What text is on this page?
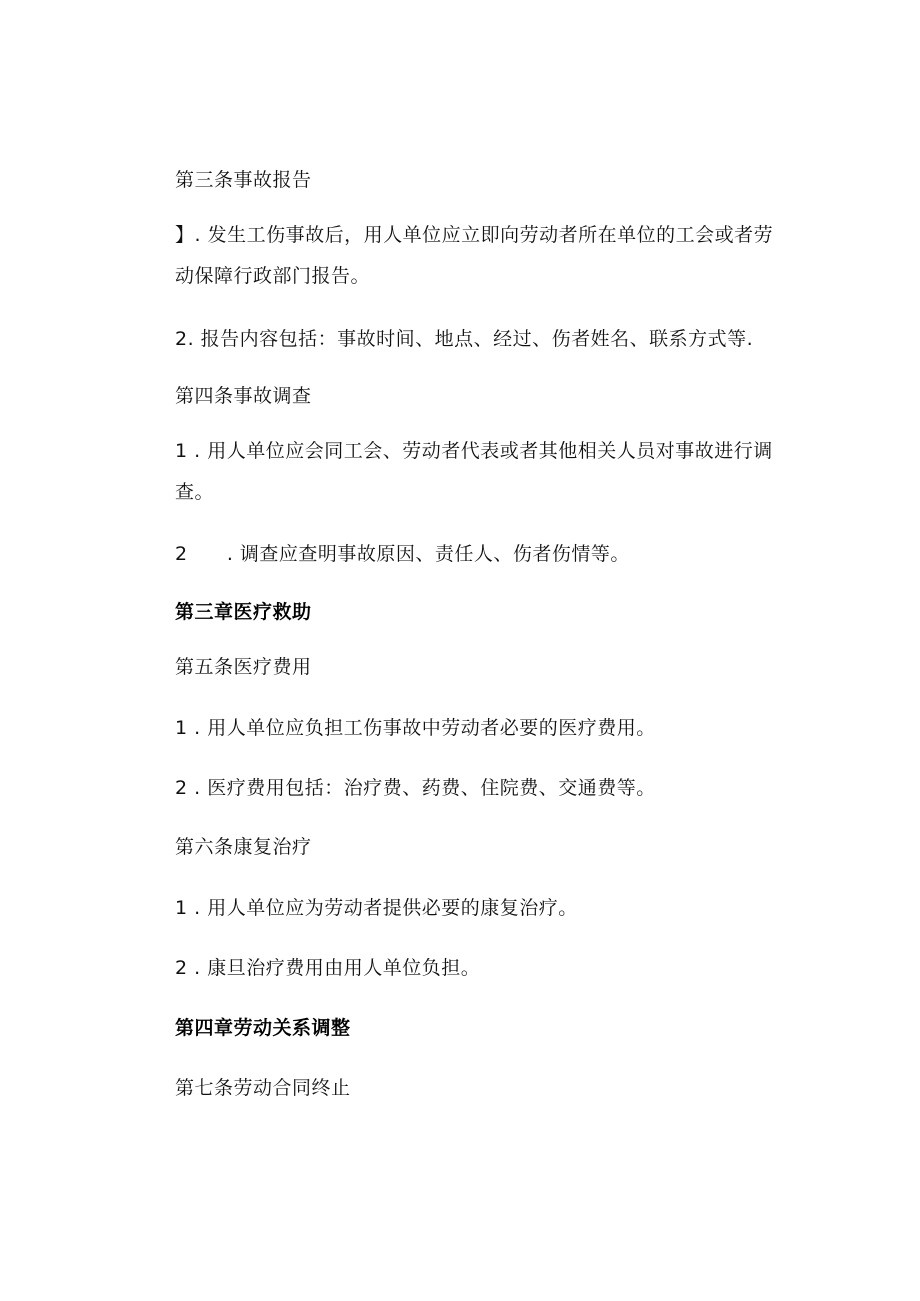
第三条事故报告
】. 发生工伤事故后，用人单位应立即向劳动者所在单位的工会或者劳
动保障行政部门报告。
2. 报告内容包括：事故时间、地点、经过、伤者姓名、联系方式等.
第四条事故调查
1 . 用人单位应会同工会、劳动者代表或者其他相关人员对事故进行调
查。
2      . 调查应查明事故原因、责任人、伤者伤情等。
第三章医疗救助
第五条医疗费用
1 . 用人单位应负担工伤事故中劳动者必要的医疗费用。
2 . 医疗费用包括：治疗费、药费、住院费、交通费等。
第六条康复治疗
1 . 用人单位应为劳动者提供必要的康复治疗。
2 . 康旦治疗费用由用人单位负担。
第四章劳动关系调整
第七条劳动合同终止
